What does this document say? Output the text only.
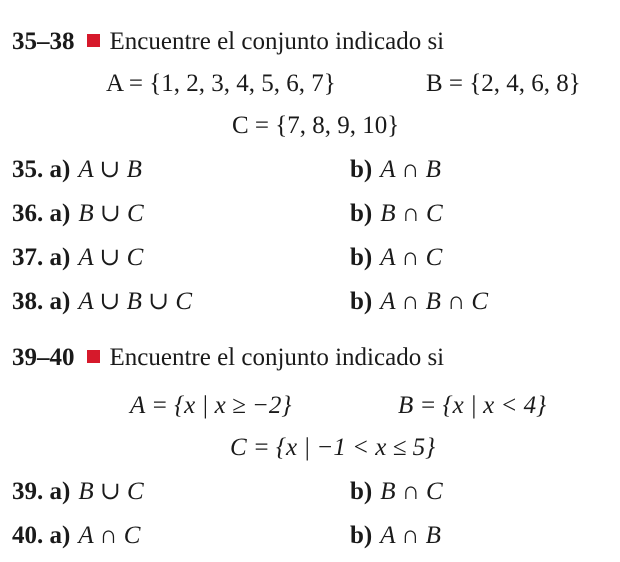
35–38 Encuentre el conjunto indicado si
A = {1, 2, 3, 4, 5, 6, 7}	B = {2, 4, 6, 8}
C = {7, 8, 9, 10}
35. a) A ∪ B	b) A ∩ B
36. a) B ∪ C	b) B ∩ C
37. a) A ∪ C	b) A ∩ C
38. a) A ∪ B ∪ C	b) A ∩ B ∩ C
39–40 Encuentre el conjunto indicado si
A = {x | x ≥ −2}	B = {x | x < 4}
C = {x | −1 < x ≤ 5}
39. a) B ∪ C	b) B ∩ C
40. a) A ∩ C	b) A ∩ B
